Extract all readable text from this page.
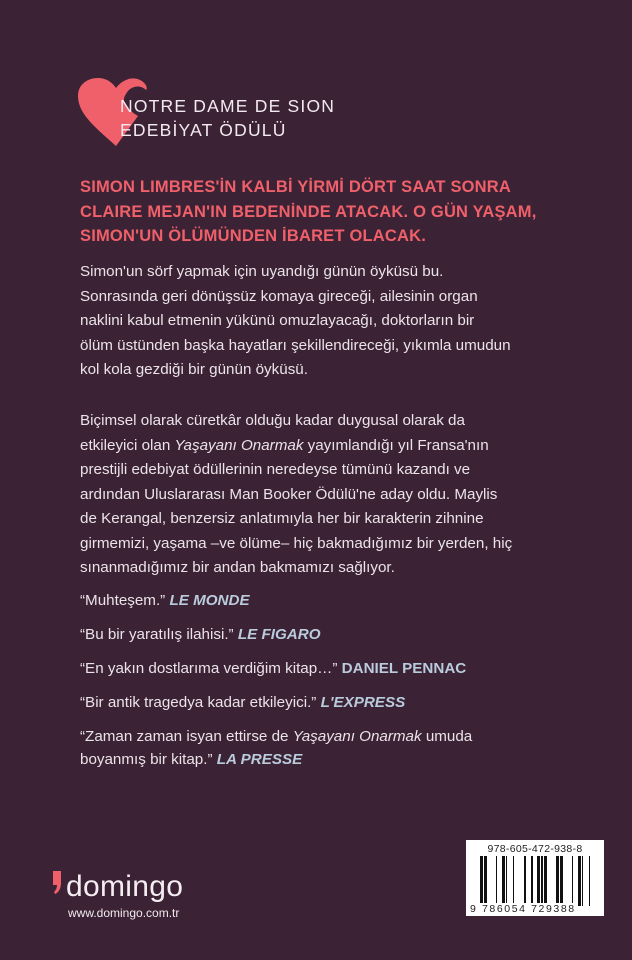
NOTRE DAME DE SION
EDEBİYAT ÖDÜLÜ
SIMON LIMBRES'İN KALBİ YİRMİ DÖRT SAAT SONRA
CLAIRE MEJAN'IN BEDENİNDE ATACAK. O GÜN YAŞAM,
SIMON'UN ÖLÜMÜNDEN İBARET OLACAK.
Simon'un sörf yapmak için uyandığı günün öyküsü bu.
Sonrasında geri dönüşsüz komaya gireceği, ailesinin organ
naklini kabul etmenin yükünü omuzlayacağı, doktorların bir
ölüm üstünden başka hayatları şekillendireceği, yıkımla umudun
kol kola gezdiği bir günün öyküsü.
Biçimsel olarak cüretkâr olduğu kadar duygusal olarak da
etkileyici olan Yaşayanı Onarmak yayımlandığı yıl Fransa'nın
prestijli edebiyat ödüllerinin neredeyse tümünü kazandı ve
ardından Uluslararası Man Booker Ödülü'ne aday oldu. Maylis
de Kerangal, benzersiz anlatımıyla her bir karakterin zihnine
girmemizi, yaşama –ve ölüme– hiç bakmadığımız bir yerden, hiç
sınanmadığımız bir andan bakmamızı sağlıyor.
“Muhteşem.” LE MONDE
“Bu bir yaratılış ilahisi.” LE FIGARO
“En yakın dostlarıma verdiğim kitap…” DANIEL PENNAC
“Bir antik tragedya kadar etkileyici.” L'EXPRESS
“Zaman zaman isyan ettirse de Yaşayanı Onarmak umuda
boyanmış bir kitap.” LA PRESSE
domingo
www.domingo.com.tr
978-605-472-938-8
9 786054 729388
